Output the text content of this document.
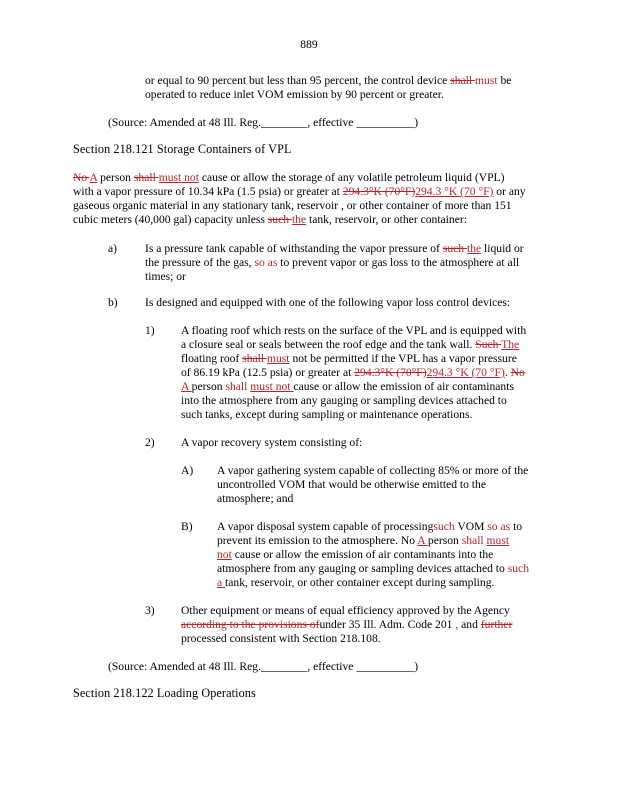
889
or equal to 90 percent but less than 95 percent, the control device shall must be
operated to reduce inlet VOM emission by 90 percent or greater.
(Source: Amended at 48 Ill. Reg.________, effective __________)
Section 218.121 Storage Containers of VPL
No A person shall must not cause or allow the storage of any volatile petroleum liquid (VPL)
with a vapor pressure of 10.34 kPa (1.5 psia) or greater at 294.3°K (70°F)294.3 °K (70 °F) or any
gaseous organic material in any stationary tank, reservoir , or other container of more than 151
cubic meters (40,000 gal) capacity unless such the tank, reservoir, or other container:
a)	Is a pressure tank capable of withstanding the vapor pressure of such the liquid or
the pressure of the gas, so as to prevent vapor or gas loss to the atmosphere at all
times; or
b)	Is designed and equipped with one of the following vapor loss control devices:
1)	A floating roof which rests on the surface of the VPL and is equipped with
a closure seal or seals between the roof edge and the tank wall. Such The
floating roof shall must not be permitted if the VPL has a vapor pressure
of 86.19 kPa (12.5 psia) or greater at 294.3°K (70°F)294.3 °K (70 °F). No
A person shall must not cause or allow the emission of air contaminants
into the atmosphere from any gauging or sampling devices attached to
such tanks, except during sampling or maintenance operations.
2)	A vapor recovery system consisting of:
A)	A vapor gathering system capable of collecting 85% or more of the
uncontrolled VOM that would be otherwise emitted to the
atmosphere; and
B)	A vapor disposal system capable of processingsuch VOM so as to
prevent its emission to the atmosphere. No A person shall must
not cause or allow the emission of air contaminants into the
atmosphere from any gauging or sampling devices attached to such
a tank, reservoir, or other container except during sampling.
3)	Other equipment or means of equal efficiency approved by the Agency
according to the provisions ofunder 35 Ill. Adm. Code 201 , and further
processed consistent with Section 218.108.
(Source: Amended at 48 Ill. Reg.________, effective __________)
Section 218.122 Loading Operations
